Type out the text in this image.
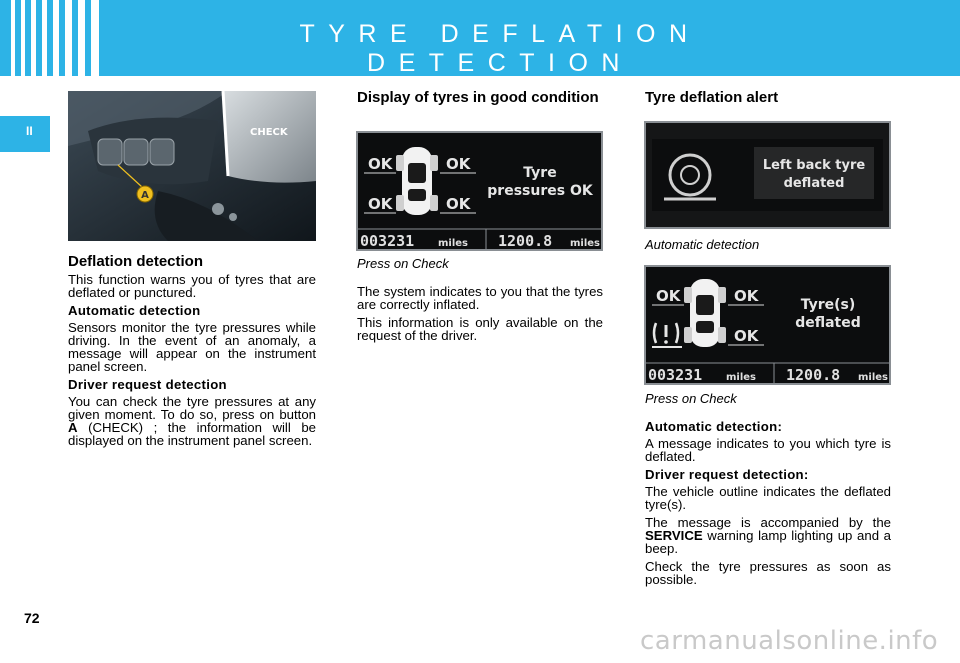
TYRE DEFLATION DETECTION
II	CHECK
A
Deflation detection

This function warns you of tyres that are deflated or punctured.

Automatic detection

Sensors monitor the tyre pressures while driving. In the event of an anomaly, a message will appear on the instrument panel screen.

Driver request detection

You can check the tyre pressures at any given moment. To do so, press on button A (CHECK) ; the information will be displayed on the instrument panel screen.

Display of tyres in good condition
OK	OK
OK	OK
Tyre
pressures OK
003231 miles 1200.8 miles

Press on Check

The system indicates to you that the tyres are correctly inflated.

This information is only available on the request of the driver.

Tyre deflation alert
Left back tyre
deflated

Automatic detection

OK	OK
OK
Tyre(s)
deflated
003231 miles 1200.8 miles

Press on Check

Automatic detection:

A message indicates to you which tyre is deflated.

Driver request detection:

The vehicle outline indicates the deflated tyre(s).

The message is accompanied by the SERVICE warning lamp lighting up and a beep.

Check the tyre pressures as soon as possible.

72
carmanualsonline.info
